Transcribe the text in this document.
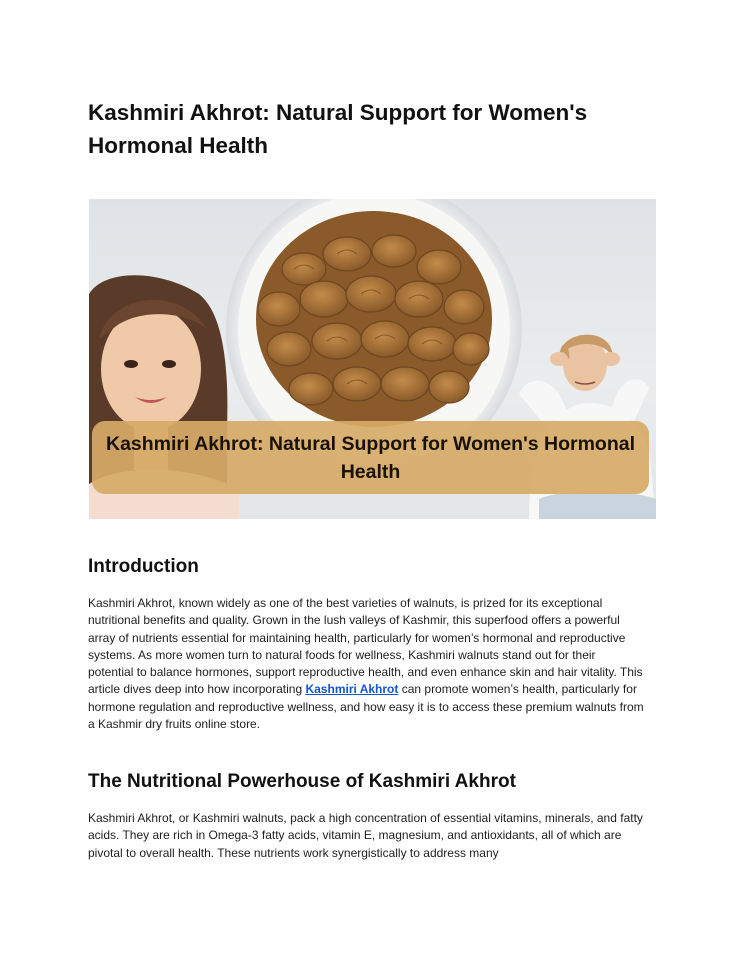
Kashmiri Akhrot: Natural Support for Women's Hormonal Health
Kashmiri Akhrot: Natural Support for Women's Hormonal Health
Introduction

Kashmiri Akhrot, known widely as one of the best varieties of walnuts, is prized for its exceptional nutritional benefits and quality. Grown in the lush valleys of Kashmir, this superfood offers a powerful array of nutrients essential for maintaining health, particularly for women’s hormonal and reproductive systems. As more women turn to natural foods for wellness, Kashmiri walnuts stand out for their potential to balance hormones, support reproductive health, and even enhance skin and hair vitality. This article dives deep into how incorporating Kashmiri Akhrot can promote women’s health, particularly for hormone regulation and reproductive wellness, and how easy it is to access these premium walnuts from a Kashmir dry fruits online store.

The Nutritional Powerhouse of Kashmiri Akhrot

Kashmiri Akhrot, or Kashmiri walnuts, pack a high concentration of essential vitamins, minerals, and fatty acids. They are rich in Omega-3 fatty acids, vitamin E, magnesium, and antioxidants, all of which are pivotal to overall health. These nutrients work synergistically to address many
